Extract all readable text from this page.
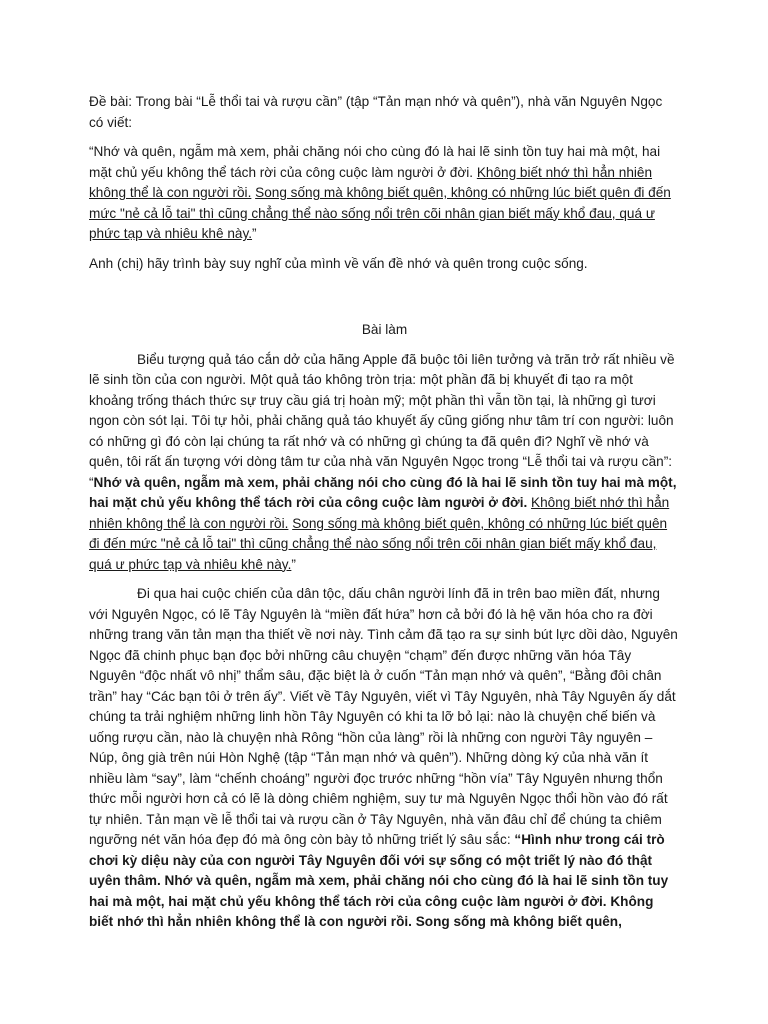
Đề bài: Trong bài “Lễ thổi tai và rượu cần” (tập “Tản mạn nhớ và quên”), nhà văn Nguyên Ngọc có viết:

“Nhớ và quên, ngẫm mà xem, phải chăng nói cho cùng đó là hai lẽ sinh tồn tuy hai mà một, hai mặt chủ yếu không thể tách rời của công cuộc làm người ở đời. Không biết nhớ thì hẳn nhiên không thể là con người rồi. Song sống mà không biết quên, không có những lúc biết quên đi đến mức "nẻ cả lỗ tai" thì cũng chẳng thể nào sống nổi trên cõi nhân gian biết mấy khổ đau, quá ư phức tạp và nhiêu khê này.”

Anh (chị) hãy trình bày suy nghĩ của mình về vấn đề nhớ và quên trong cuộc sống.

Bài làm

Biểu tượng quả táo cắn dở của hãng Apple đã buộc tôi liên tưởng và trăn trở rất nhiều về lẽ sinh tồn của con người. Một quả táo không tròn trịa: một phần đã bị khuyết đi tạo ra một khoảng trống thách thức sự truy cầu giá trị hoàn mỹ; một phần thì vẫn tồn tại, là những gì tươi ngon còn sót lại. Tôi tự hỏi, phải chăng quả táo khuyết ấy cũng giống như tâm trí con người: luôn có những gì đó còn lại chúng ta rất nhớ và có những gì chúng ta đã quên đi? Nghĩ về nhớ và quên, tôi rất ấn tượng với dòng tâm tư của nhà văn Nguyên Ngọc trong “Lễ thổi tai và rượu cần”: “Nhớ và quên, ngẫm mà xem, phải chăng nói cho cùng đó là hai lẽ sinh tồn tuy hai mà một, hai mặt chủ yếu không thể tách rời của công cuộc làm người ở đời. Không biết nhớ thì hẳn nhiên không thể là con người rồi. Song sống mà không biết quên, không có những lúc biết quên đi đến mức "nẻ cả lỗ tai" thì cũng chẳng thể nào sống nổi trên cõi nhân gian biết mấy khổ đau, quá ư phức tạp và nhiêu khê này.”

Đi qua hai cuộc chiến của dân tộc, dấu chân người lính đã in trên bao miền đất, nhưng với Nguyên Ngọc, có lẽ Tây Nguyên là “miền đất hứa” hơn cả bởi đó là hệ văn hóa cho ra đời những trang văn tản mạn tha thiết về nơi này. Tình cảm đã tạo ra sự sinh bút lực dồi dào, Nguyên Ngọc đã chinh phục bạn đọc bởi những câu chuyện “chạm” đến được những văn hóa Tây Nguyên “độc nhất vô nhị” thẩm sâu, đặc biệt là ở cuốn “Tản mạn nhớ và quên”, “Bằng đôi chân trần” hay “Các bạn tôi ở trên ấy”. Viết về Tây Nguyên, viết vì Tây Nguyên, nhà Tây Nguyên ấy dắt chúng ta trải nghiệm những linh hồn Tây Nguyên có khi ta lỡ bỏ lại: nào là chuyện chế biến và uống rượu cần, nào là chuyện nhà Rông “hồn của làng” rồi là những con người Tây nguyên – Núp, ông già trên núi Hòn Nghệ (tập “Tản mạn nhớ và quên”). Những dòng ký của nhà văn ít nhiều làm “say”, làm “chếnh choáng” người đọc trước những “hồn vía” Tây Nguyên nhưng thổn thức mỗi người hơn cả có lẽ là dòng chiêm nghiệm, suy tư mà Nguyên Ngọc thổi hồn vào đó rất tự nhiên. Tản mạn về lễ thổi tai và rượu cần ở Tây Nguyên, nhà văn đâu chỉ để chúng ta chiêm ngưỡng nét văn hóa đẹp đó mà ông còn bày tỏ những triết lý sâu sắc: “Hình như trong cái trò chơi kỳ diệu này của con người Tây Nguyên đối với sự sống có một triết lý nào đó thật uyên thâm. Nhớ và quên, ngẫm mà xem, phải chăng nói cho cùng đó là hai lẽ sinh tồn tuy hai mà một, hai mặt chủ yếu không thể tách rời của công cuộc làm người ở đời. Không biết nhớ thì hẳn nhiên không thể là con người rồi. Song sống mà không biết quên,
